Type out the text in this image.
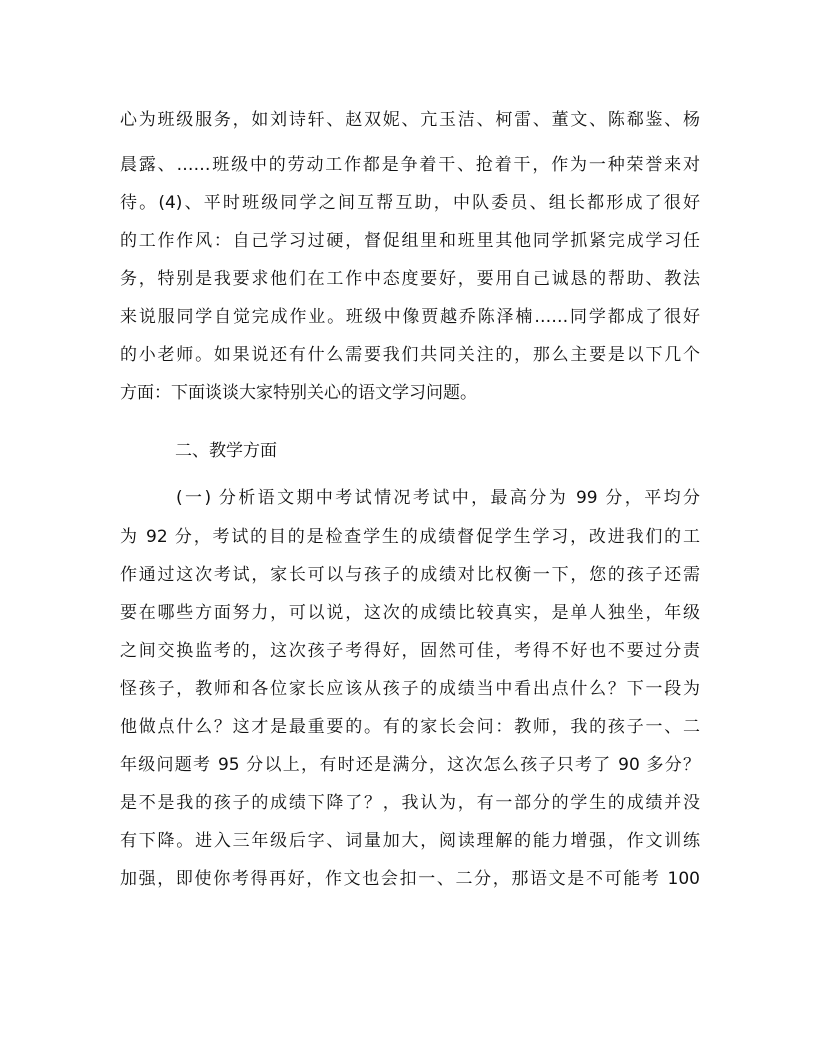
心为班级服务，如刘诗轩、赵双妮、亢玉洁、柯雷、董文、陈郗鉴、杨
晨露、……班级中的劳动工作都是争着干、抢着干，作为一种荣誉来对
待。(4)、平时班级同学之间互帮互助，中队委员、组长都形成了很好
的工作作风：自己学习过硬，督促组里和班里其他同学抓紧完成学习任
务，特别是我要求他们在工作中态度要好，要用自己诚恳的帮助、教法
来说服同学自觉完成作业。班级中像贾越乔陈泽楠……同学都成了很好
的小老师。如果说还有什么需要我们共同关注的，那么主要是以下几个
方面：下面谈谈大家特别关心的语文学习问题。
二、教学方面
(一) 分析语文期中考试情况考试中，最高分为 99 分，平均分
为 92 分，考试的目的是检查学生的成绩督促学生学习，改进我们的工
作通过这次考试，家长可以与孩子的成绩对比权衡一下，您的孩子还需
要在哪些方面努力，可以说，这次的成绩比较真实，是单人独坐，年级
之间交换监考的，这次孩子考得好，固然可佳，考得不好也不要过分责
怪孩子，教师和各位家长应该从孩子的成绩当中看出点什么？下一段为
他做点什么？这才是最重要的。有的家长会问：教师，我的孩子一、二
年级问题考 95 分以上，有时还是满分，这次怎么孩子只考了 90 多分？
是不是我的孩子的成绩下降了？，我认为，有一部分的学生的成绩并没
有下降。进入三年级后字、词量加大，阅读理解的能力增强，作文训练
加强，即使你考得再好，作文也会扣一、二分，那语文是不可能考 100
